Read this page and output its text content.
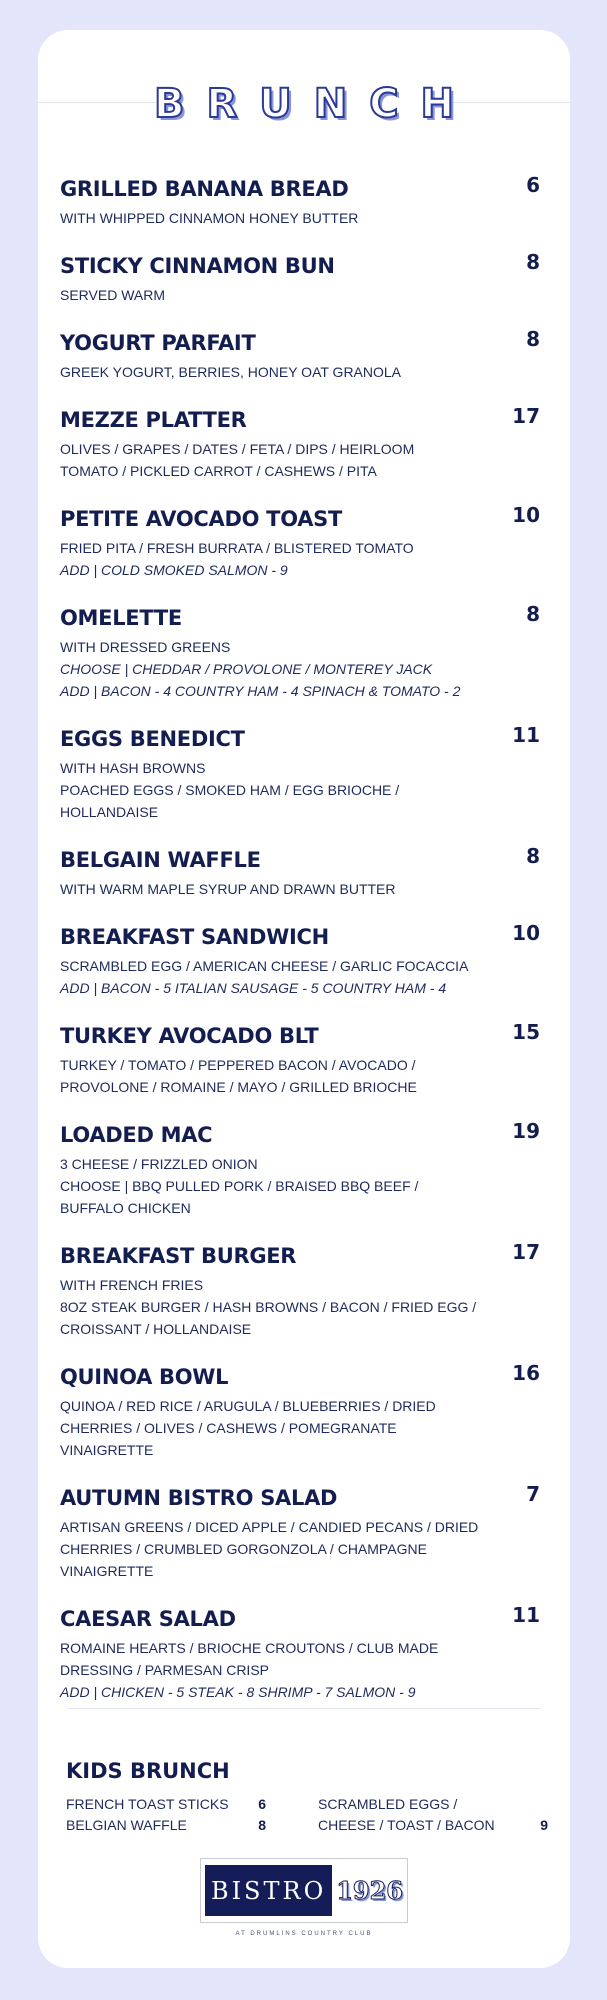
BRUNCH
GRILLED BANANA BREAD	6
WITH WHIPPED CINNAMON HONEY BUTTER
STICKY CINNAMON BUN	8
SERVED WARM
YOGURT PARFAIT	8
GREEK YOGURT, BERRIES, HONEY OAT GRANOLA
MEZZE PLATTER	17
OLIVES / GRAPES / DATES / FETA / DIPS / HEIRLOOM
TOMATO / PICKLED CARROT / CASHEWS / PITA
PETITE AVOCADO TOAST	10
FRIED PITA / FRESH BURRATA / BLISTERED TOMATO
ADD | COLD SMOKED SALMON - 9
OMELETTE	8
WITH DRESSED GREENS
CHOOSE | CHEDDAR / PROVOLONE / MONTEREY JACK
ADD | BACON - 4 COUNTRY HAM - 4 SPINACH & TOMATO - 2
EGGS BENEDICT	11
WITH HASH BROWNS
POACHED EGGS / SMOKED HAM / EGG BRIOCHE /
HOLLANDAISE
BELGAIN WAFFLE	8
WITH WARM MAPLE SYRUP AND DRAWN BUTTER
BREAKFAST SANDWICH	10
SCRAMBLED EGG / AMERICAN CHEESE / GARLIC FOCACCIA
ADD | BACON - 5 ITALIAN SAUSAGE - 5 COUNTRY HAM - 4
TURKEY AVOCADO BLT	15
TURKEY / TOMATO / PEPPERED BACON / AVOCADO /
PROVOLONE / ROMAINE / MAYO / GRILLED BRIOCHE
LOADED MAC	19
3 CHEESE / FRIZZLED ONION
CHOOSE | BBQ PULLED PORK / BRAISED BBQ BEEF /
BUFFALO CHICKEN
BREAKFAST BURGER	17
WITH FRENCH FRIES
8OZ STEAK BURGER / HASH BROWNS / BACON / FRIED EGG /
CROISSANT / HOLLANDAISE
QUINOA BOWL	16
QUINOA / RED RICE / ARUGULA / BLUEBERRIES / DRIED
CHERRIES / OLIVES / CASHEWS / POMEGRANATE
VINAIGRETTE
AUTUMN BISTRO SALAD	7
ARTISAN GREENS / DICED APPLE / CANDIED PECANS / DRIED
CHERRIES / CRUMBLED GORGONZOLA / CHAMPAGNE
VINAIGRETTE
CAESAR SALAD	11
ROMAINE HEARTS / BRIOCHE CROUTONS / CLUB MADE
DRESSING / PARMESAN CRISP
ADD | CHICKEN - 5 STEAK - 8 SHRIMP - 7 SALMON - 9
KIDS BRUNCH
FRENCH TOAST STICKS 6
BELGIAN WAFFLE	8
SCRAMBLED EGGS / CHEESE / TOAST / BACON	9
BISTRO 1926
AT DRUMLINS COUNTRY CLUB
